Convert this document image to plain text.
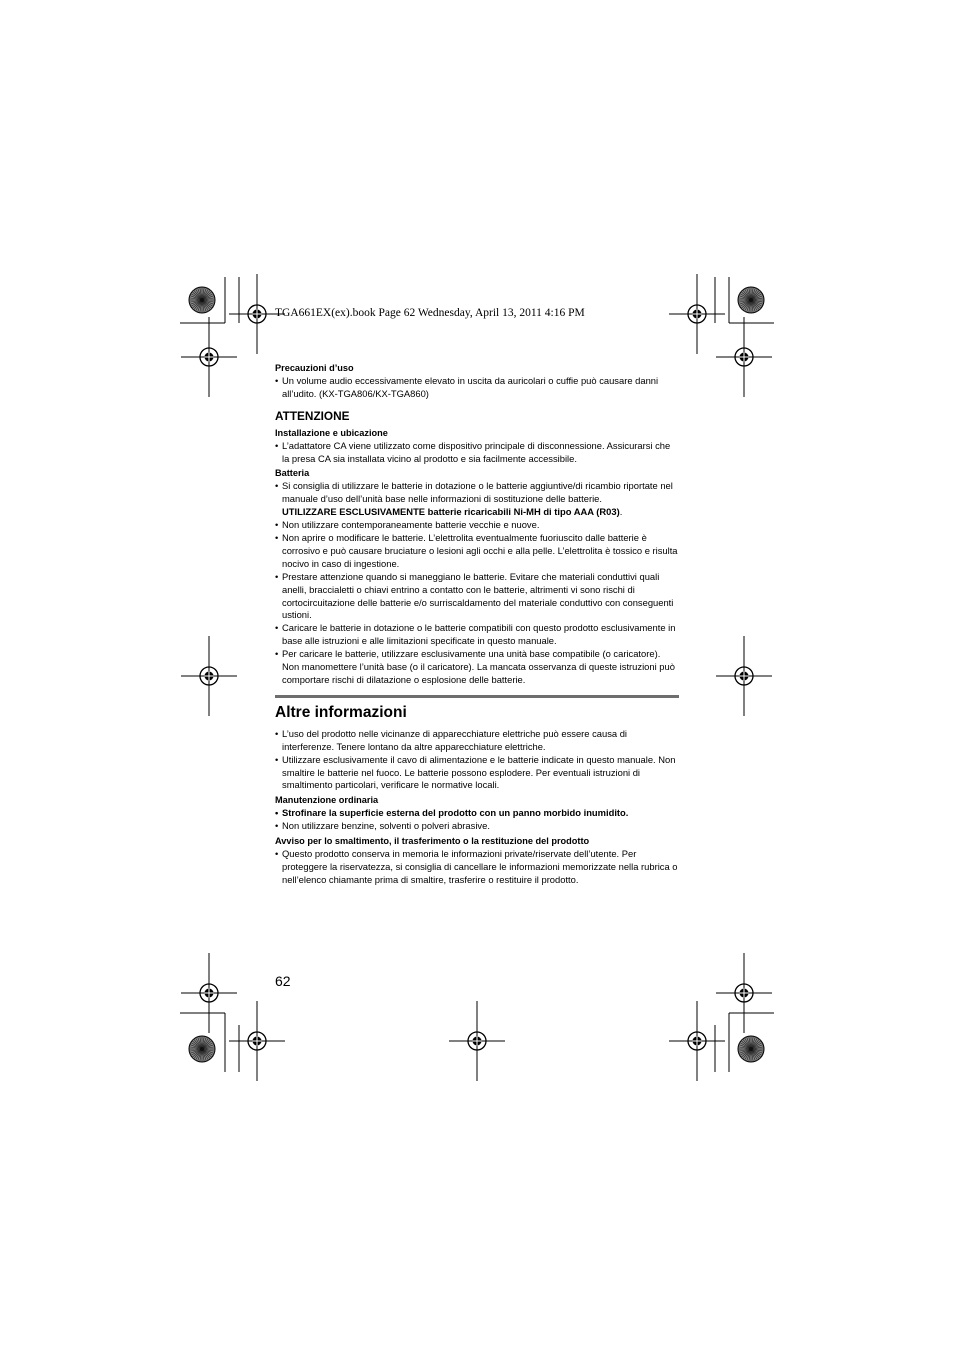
TGA661EX(ex).book Page 62 Wednesday, April 13, 2011 4:16 PM
Precauzioni d’uso
• Un volume audio eccessivamente elevato in uscita da auricolari o cuffie può causare danni all’udito. (KX-TGA806/KX-TGA860)
ATTENZIONE
Installazione e ubicazione
• L’adattatore CA viene utilizzato come dispositivo principale di disconnessione. Assicurarsi che la presa CA sia installata vicino al prodotto e sia facilmente accessibile.
Batteria
• Si consiglia di utilizzare le batterie in dotazione o le batterie aggiuntive/di ricambio riportate nel manuale d’uso dell’unità base nelle informazioni di sostituzione delle batterie.
UTILIZZARE ESCLUSIVAMENTE batterie ricaricabili Ni-MH di tipo AAA (R03).
• Non utilizzare contemporaneamente batterie vecchie e nuove.
• Non aprire o modificare le batterie. L’elettrolita eventualmente fuoriuscito dalle batterie è corrosivo e può causare bruciature o lesioni agli occhi e alla pelle. L’elettrolita è tossico e risulta nocivo in caso di ingestione.
• Prestare attenzione quando si maneggiano le batterie. Evitare che materiali conduttivi quali anelli, braccialetti o chiavi entrino a contatto con le batterie, altrimenti vi sono rischi di cortocircuitazione delle batterie e/o surriscaldamento del materiale conduttivo con conseguenti ustioni.
• Caricare le batterie in dotazione o le batterie compatibili con questo prodotto esclusivamente in base alle istruzioni e alle limitazioni specificate in questo manuale.
• Per caricare le batterie, utilizzare esclusivamente una unità base compatibile (o caricatore). Non manomettere l’unità base (o il caricatore). La mancata osservanza di queste istruzioni può comportare rischi di dilatazione o esplosione delle batterie.
Altre informazioni
• L’uso del prodotto nelle vicinanze di apparecchiature elettriche può essere causa di interferenze. Tenere lontano da altre apparecchiature elettriche.
• Utilizzare esclusivamente il cavo di alimentazione e le batterie indicate in questo manuale. Non smaltire le batterie nel fuoco. Le batterie possono esplodere. Per eventuali istruzioni di smaltimento particolari, verificare le normative locali.
Manutenzione ordinaria
• Strofinare la superficie esterna del prodotto con un panno morbido inumidito.
• Non utilizzare benzine, solventi o polveri abrasive.
Avviso per lo smaltimento, il trasferimento o la restituzione del prodotto
• Questo prodotto conserva in memoria le informazioni private/riservate dell’utente. Per proteggere la riservatezza, si consiglia di cancellare le informazioni memorizzate nella rubrica o nell’elenco chiamante prima di smaltire, trasferire o restituire il prodotto.
62
